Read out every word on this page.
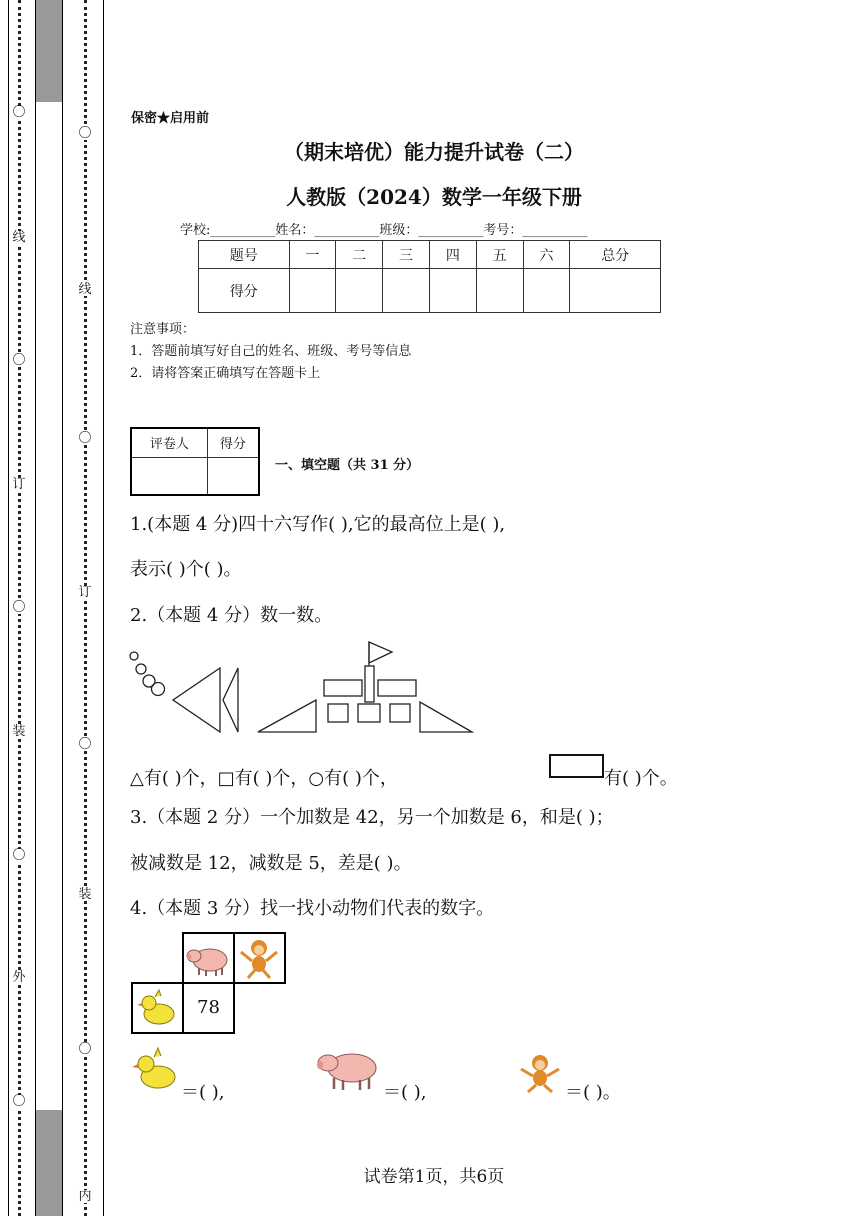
〇
线
〇
订
〇
装
〇
外
〇
〇
线
〇
订
〇
装
〇
内
保密★启用前
（期末培优）能力提升试卷（二）
人教版（2024）数学一年级下册
学校:__________姓名：__________班级：__________考号：__________
题号	一	二	三	四	五	六	总分
得分							
注意事项：
1．答题前填写好自己的姓名、班级、考号等信息
2．请将答案正确填写在答题卡上
评卷人	得分

一、填空题（共 31 分）
1.(本题 4 分)四十六写作( ),它的最高位上是( ),
表示( )个( )。
2.（本题 4 分）数一数。
△有( )个，□有( )个，○有( )个，	有( )个。
3.（本题 2 分）一个加数是 42，另一个加数是 6，和是( )；
被减数是 12，减数是 5，差是( )。
4.（本题 3 分）找一找小动物们代表的数字。
78
＝( ),	＝( ),	＝( )。
试卷第1页，共6页
